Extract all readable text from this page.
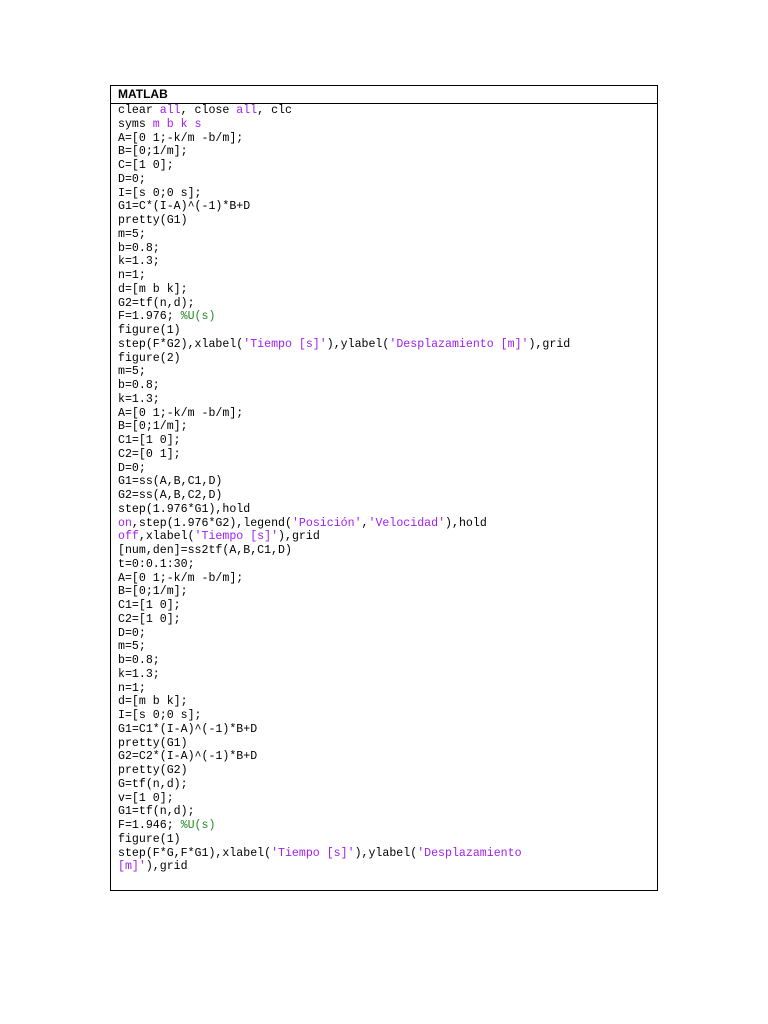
MATLAB
clear all, close all, clc
syms m b k s
A=[0 1;-k/m -b/m];
B=[0;1/m];
C=[1 0];
D=0;
I=[s 0;0 s];
G1=C*(I-A)^(-1)*B+D
pretty(G1)
m=5;
b=0.8;
k=1.3;
n=1;
d=[m b k];
G2=tf(n,d);
F=1.976; %U(s)
figure(1)
step(F*G2),xlabel('Tiempo [s]'),ylabel('Desplazamiento [m]'),grid
figure(2)
m=5;
b=0.8;
k=1.3;
A=[0 1;-k/m -b/m];
B=[0;1/m];
C1=[1 0];
C2=[0 1];
D=0;
G1=ss(A,B,C1,D)
G2=ss(A,B,C2,D)
step(1.976*G1),hold
on,step(1.976*G2),legend('Posición','Velocidad'),hold
off,xlabel('Tiempo [s]'),grid
[num,den]=ss2tf(A,B,C1,D)
t=0:0.1:30;
A=[0 1;-k/m -b/m];
B=[0;1/m];
C1=[1 0];
C2=[1 0];
D=0;
m=5;
b=0.8;
k=1.3;
n=1;
d=[m b k];
I=[s 0;0 s];
G1=C1*(I-A)^(-1)*B+D
pretty(G1)
G2=C2*(I-A)^(-1)*B+D
pretty(G2)
G=tf(n,d);
v=[1 0];
G1=tf(n,d);
F=1.946; %U(s)
figure(1)
step(F*G,F*G1),xlabel('Tiempo [s]'),ylabel('Desplazamiento
[m]'),grid
